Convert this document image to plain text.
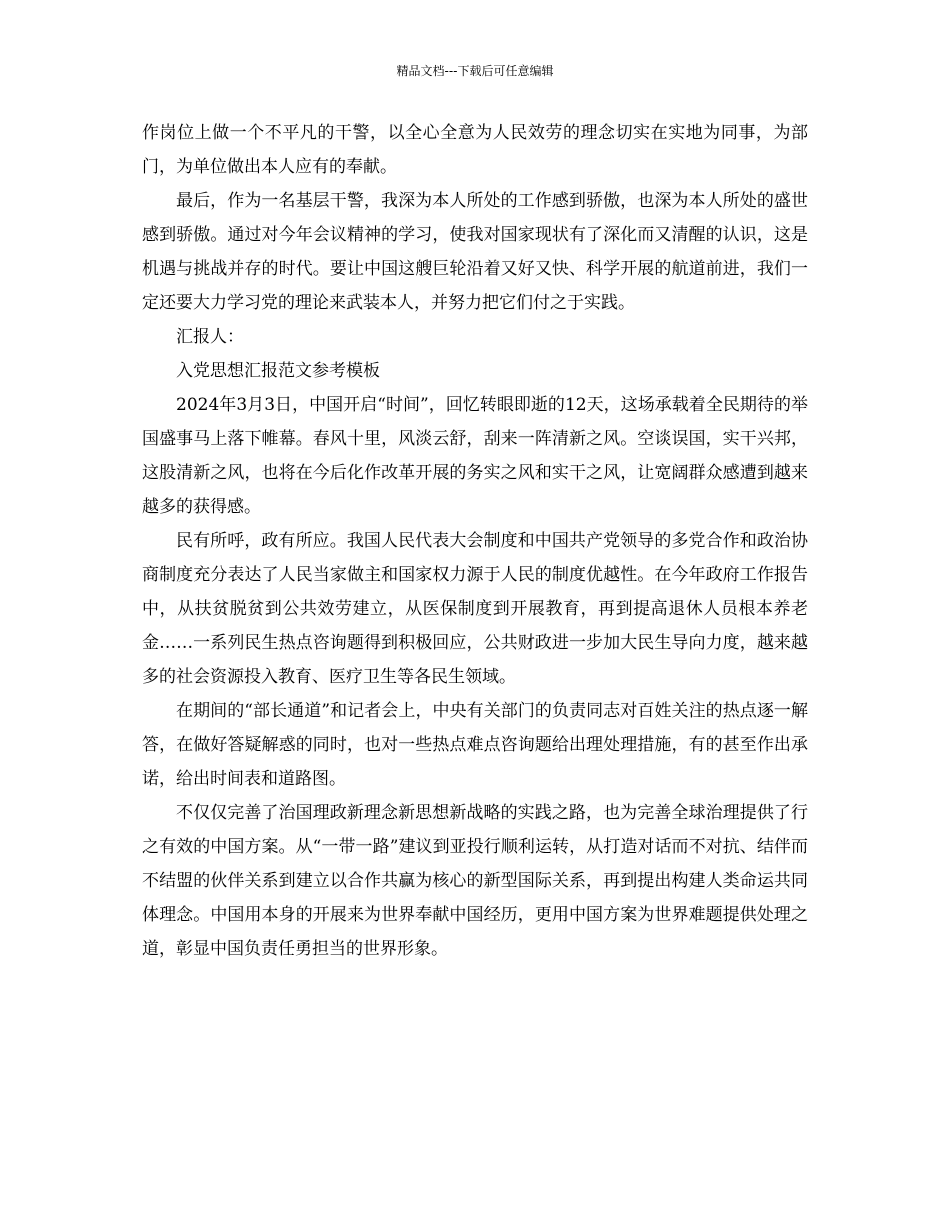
精品文档---下载后可任意编辑

作岗位上做一个不平凡的干警，以全心全意为人民效劳的理念切实在实地为同事，为部门，为单位做出本人应有的奉献。

最后，作为一名基层干警，我深为本人所处的工作感到骄傲，也深为本人所处的盛世感到骄傲。通过对今年会议精神的学习，使我对国家现状有了深化而又清醒的认识，这是机遇与挑战并存的时代。要让中国这艘巨轮沿着又好又快、科学开展的航道前进，我们一定还要大力学习党的理论来武装本人，并努力把它们付之于实践。

汇报人：

入党思想汇报范文参考模板

2024年3月3日，中国开启“时间”，回忆转眼即逝的12天，这场承载着全民期待的举国盛事马上落下帷幕。春风十里，风淡云舒，刮来一阵清新之风。空谈误国，实干兴邦，这股清新之风，也将在今后化作改革开展的务实之风和实干之风，让宽阔群众感遭到越来越多的获得感。

民有所呼，政有所应。我国人民代表大会制度和中国共产党领导的多党合作和政治协商制度充分表达了人民当家做主和国家权力源于人民的制度优越性。在今年政府工作报告中，从扶贫脱贫到公共效劳建立，从医保制度到开展教育，再到提高退休人员根本养老金……一系列民生热点咨询题得到积极回应，公共财政进一步加大民生导向力度，越来越多的社会资源投入教育、医疗卫生等各民生领域。

在期间的“部长通道”和记者会上，中央有关部门的负责同志对百姓关注的热点逐一解答，在做好答疑解惑的同时，也对一些热点难点咨询题给出理处理措施，有的甚至作出承诺，给出时间表和道路图。

不仅仅完善了治国理政新理念新思想新战略的实践之路，也为完善全球治理提供了行之有效的中国方案。从“一带一路”建议到亚投行顺利运转，从打造对话而不对抗、结伴而不结盟的伙伴关系到建立以合作共赢为核心的新型国际关系，再到提出构建人类命运共同体理念。中国用本身的开展来为世界奉献中国经历，更用中国方案为世界难题提供处理之道，彰显中国负责任勇担当的世界形象。
